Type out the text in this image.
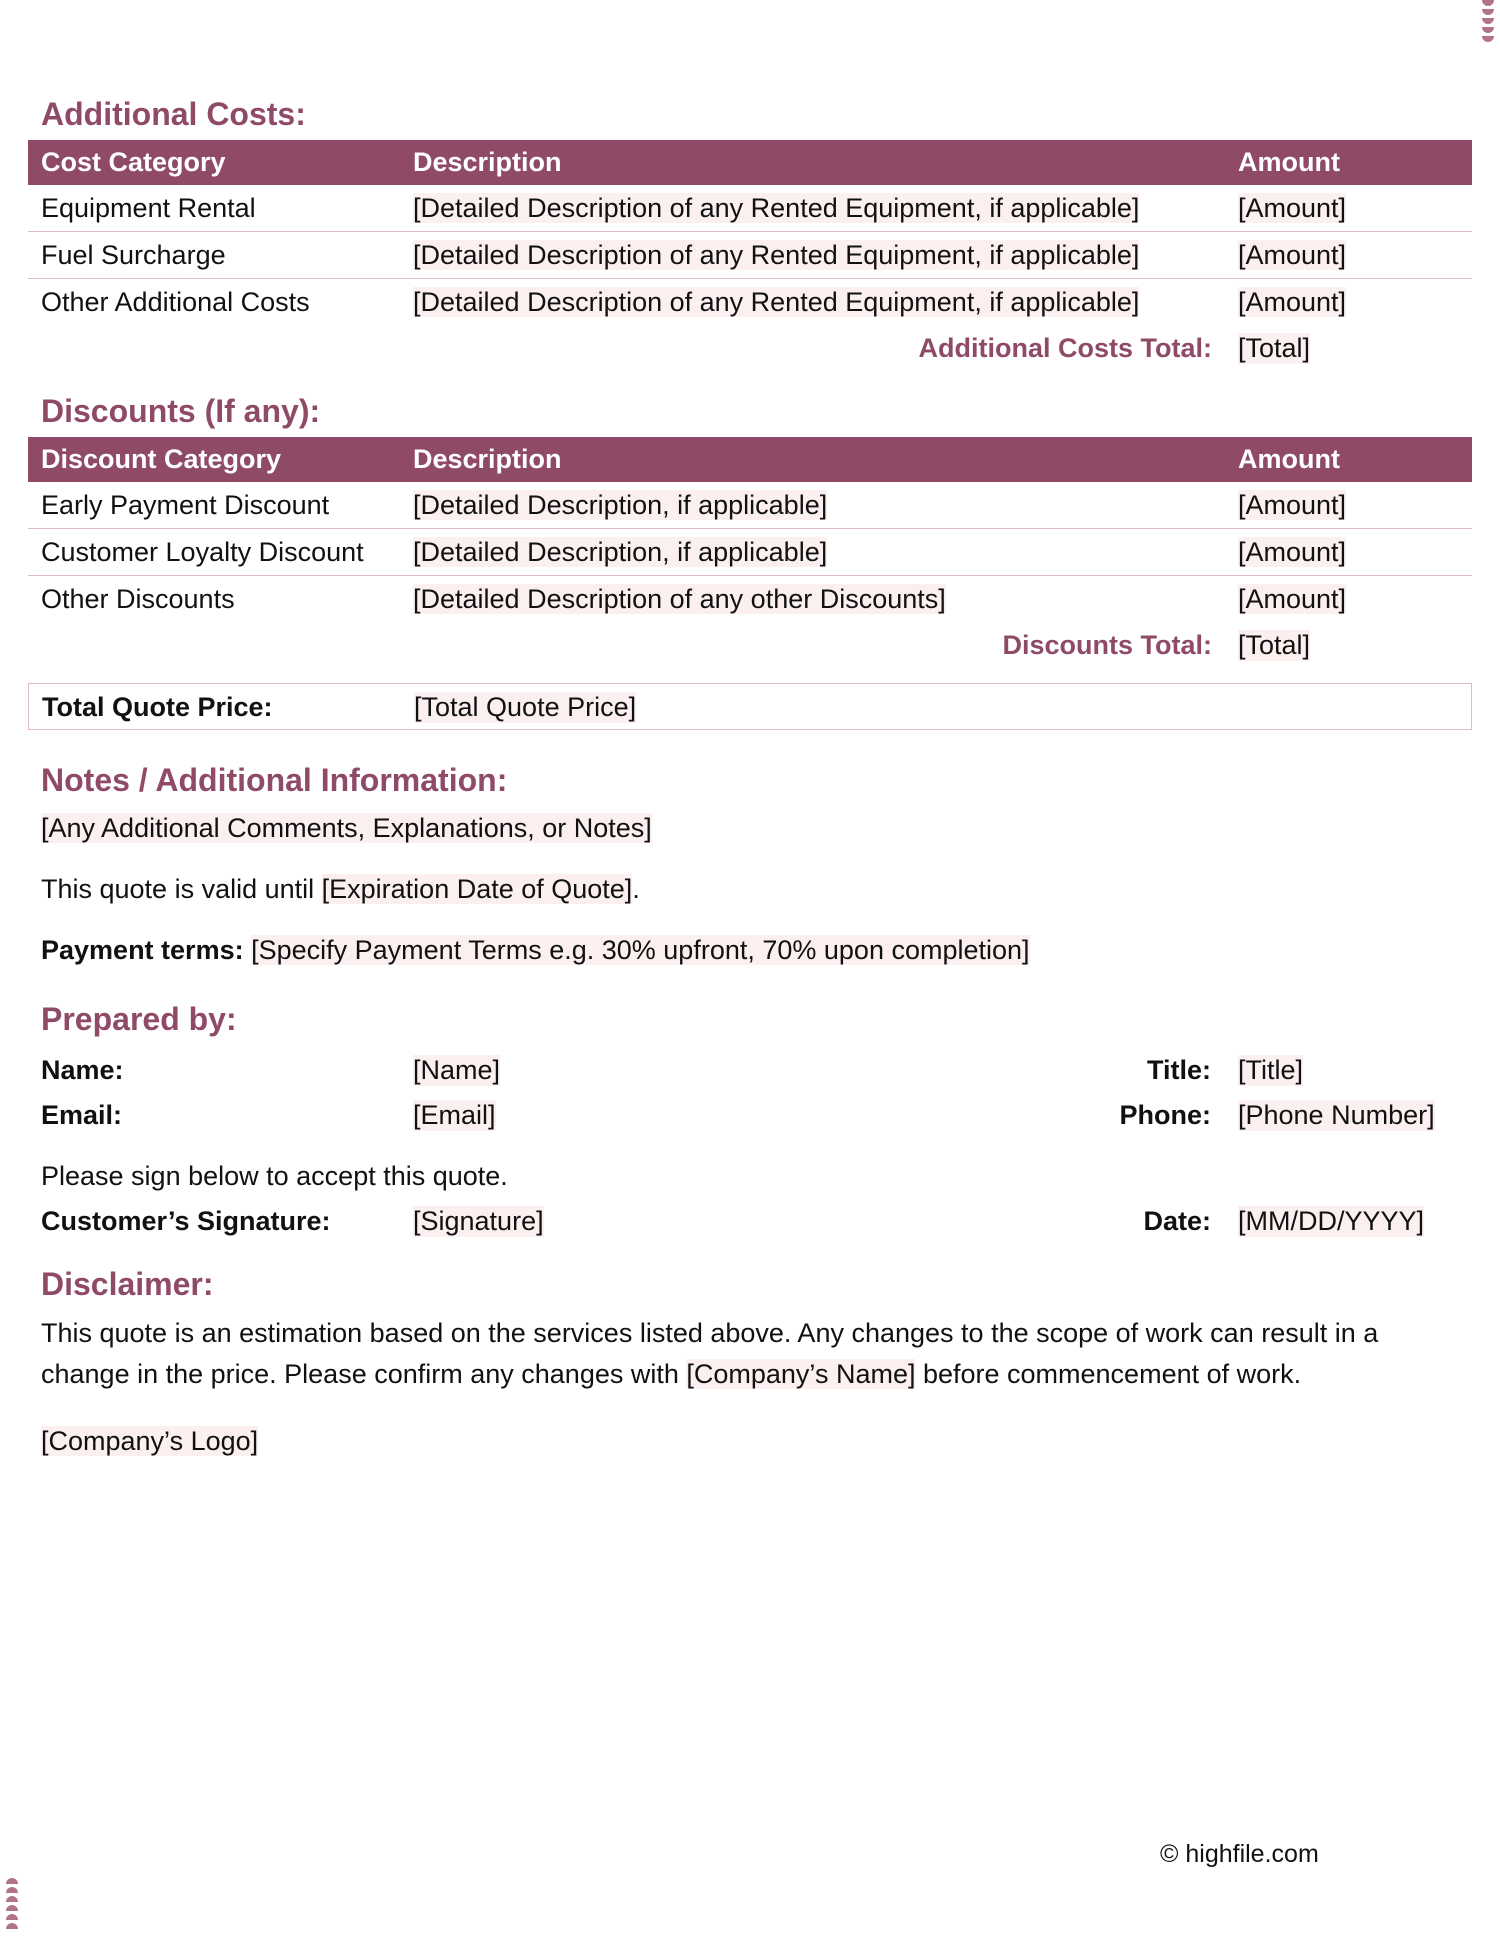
Additional Costs:
Cost Category	Description	Amount
Equipment Rental	[Detailed Description of any Rented Equipment, if applicable]	[Amount]
Fuel Surcharge	[Detailed Description of any Rented Equipment, if applicable]	[Amount]
Other Additional Costs	[Detailed Description of any Rented Equipment, if applicable]	[Amount]
Additional Costs Total: [Total]
Discounts (If any):
Discount Category	Description	Amount
Early Payment Discount	[Detailed Description, if applicable]	[Amount]
Customer Loyalty Discount	[Detailed Description, if applicable]	[Amount]
Other Discounts	[Detailed Description of any other Discounts]	[Amount]
Discounts Total: [Total]
Total Quote Price:	[Total Quote Price]
Notes / Additional Information:
[Any Additional Comments, Explanations, or Notes]
This quote is valid until [Expiration Date of Quote].
Payment terms: [Specify Payment Terms e.g. 30% upfront, 70% upon completion]
Prepared by:
Name:	[Name]	Title: [Title]
Email:	[Email]	Phone: [Phone Number]
Please sign below to accept this quote.
Customer’s Signature:	[Signature]	Date: [MM/DD/YYYY]
Disclaimer:
This quote is an estimation based on the services listed above. Any changes to the scope of work can result in a change in the price. Please confirm any changes with [Company’s Name] before commencement of work.
[Company’s Logo]
© highfile.com
